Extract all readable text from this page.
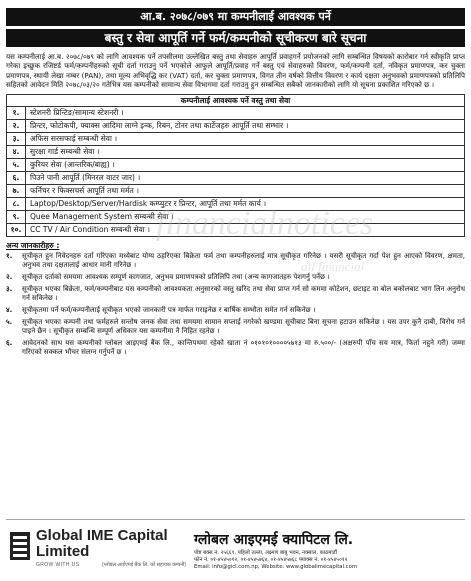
आ.ब. २०७८/०७९ मा कम्पनीलाई आवश्यक पर्ने
बस्तु र सेवा आपूर्ति गर्ने फर्म/कम्पनीको सूचीकरण बारे सूचना
यस कम्पनीलाई आ.ब. २०७८/०७९ को लागि आवश्यक पर्ने तपसीलमा उल्लेखित बस्तु तथा सेवाहरु आपूर्ति प्रवाहगर्ने प्रयोजनको लागि सम्बन्धित विषयको कारोबार गर्न स्वीकृति प्राप्त गरेका इच्छुक रजिष्टर्ड फर्म/कम्पनीहरुको सूची दर्ता गराउनु पर्ने भएकोले आफुले आपूर्ति/प्रवाह गर्ने बस्तु एवं सेवाहरुको विवरण, फर्म/कम्पनी दर्ता, नविकृत प्रमाणपत्र, कर चुक्ता प्रमाणपत्र, स्थायी लेखा नम्बर (PAN), तथा मूल्य अभिवृद्धि कर (VAT) दर्ता, कर चुक्ता प्रमाणपत्र, विगत तीन वर्षको वित्तीय विवरण र कार्य दक्षता अनुभवको प्रमाणपत्रको प्रतिलिपि सहितको आवेदन मिति २०७८/०३/२० गतेभित्र यस कम्पनीको सामान्य सेवा विभागमा दर्ता गराउनु हुन सम्बन्धित सबैको जानकारीको लागि यो सूचना प्रकाशित गरिएको छ ।
कम्पनीलाई आवश्यक पर्ने वस्तु तथा सेवा
१.	स्टेशनरी प्रिन्टिङ/सामान्य स्टेशनरी ।
२.	प्रिन्टर, फोटोकपी, फ्याक्स आदिमा लाग्ने इन्क, रिबन, टोनर तथा कार्टेजहरु आपूर्ति तथा सम्भार ।
३.	अफिस सरसफाई सम्बन्धी सेवा ।
४.	सुरक्षा गार्ड सम्बन्धी सेवा ।
५.	कुरियर सेवा (आन्तरिक/बाह्य) ।
६.	पिउने पानी आपूर्ति (मिनरल वाटर जार) ।
७.	फर्निचर र फिक्सचर्स आपूर्ति तथा मर्मत ।
८.	Laptop/Desktop/Server/Hardisk कम्प्युटर र प्रिन्टर, आपूर्ति तथा मर्मत कार्य ।
९.	Quee Management System सम्बन्धी सेवा ।
१०.	CC TV / Air Condition सम्बन्धी सेवा ।
अन्य जानकारीहरु :
१.	सूचीकृत हुन निवेदनहरु दर्ता गरिएका मध्येबाट योग्य ठहरिएका बिक्रेता फर्म तथा कम्पनीहरुलाई मात्र सूचीकृत गरिनेछ । यसरी सूचीकृत गर्दा पेश हुन आएको विवरण, क्षमता, अनुभव तथा दक्षतालाई आधार मानी गरिनेछ ।
२.	सूचीकृत दर्ताको समयमा आवश्यक सम्पूर्ण कागजात, अनुभव प्रमाणपत्रको प्रतिलिपि तथा (अन्य कागजातहरु पेशगर्नु पर्नेछ ।
३.	सूचीकृत भएका बिक्रेता, फर्म/कम्पनीबाट यस कम्पनीको आवश्यकता अनुसारको वस्तु खरिद तथा सेवा प्राप्त गर्न सो कममा कोटेशन, छटाइट वा बोल बकोलबाट भाग लिन अनुरोध गर्न सकिनेछ ।
४.	सूचीकृतमा पर्ने फर्म/कम्पनीलाई सूचीकृत भएको जानकारी पत्र मार्फत गराइनेछ र बार्षिक सम्भौता समेत गर्न सकिनेछ ।
५.	सूचीकृत भएका कम्पनी तथा फर्महरुले सन्तोष जनक सेवा तथा समयमा सामान सप्लाई नगरेको खण्डमा सूचीबाट बिना सूचना हटाउन सकिनेछ । यस उपर कुनै दाबी, विरोध गर्न पाइने छैन । सूचीकृत सम्बन्धि सम्पूर्ण अधिकार यस कम्पनीमा नै निहित रहनेछ ।
६.	आवेदनको साथ यस कम्पनीको ग्लोबल आइएमई बैंक लि., कान्तिपथमा रहेको खाता नं ०१०१०१००००५७१३ मा रु.५००/- (अक्षरुपी पाँच सय मात्र, फिर्ता नहुने गरी) जम्मा गरिएको सक्कल भौचर संलग्न गर्नुपर्ने छ ।
Global IME Capital Limited
GROW WITH US	(ग्लोबल आईएमई बैंक लि. को सहायक कम्पनी)
ग्लोबल आइएमई क्यापिटल लि.
पोष्ट बक्स नं. २५६६९, पहिलो तल्ला, लक्ष्मण बाबु भवन, नक्साल, काठमाडौं
फोन नं. ०१-४५४५०१२, ०१-४५४५७६४, ०१-४५४५७६८ फ्याक्स नं. ०१-४५४५०१२
Email: info@gicl.com.np, Website: www.globalimecapital.com
financialnotices
all financial
